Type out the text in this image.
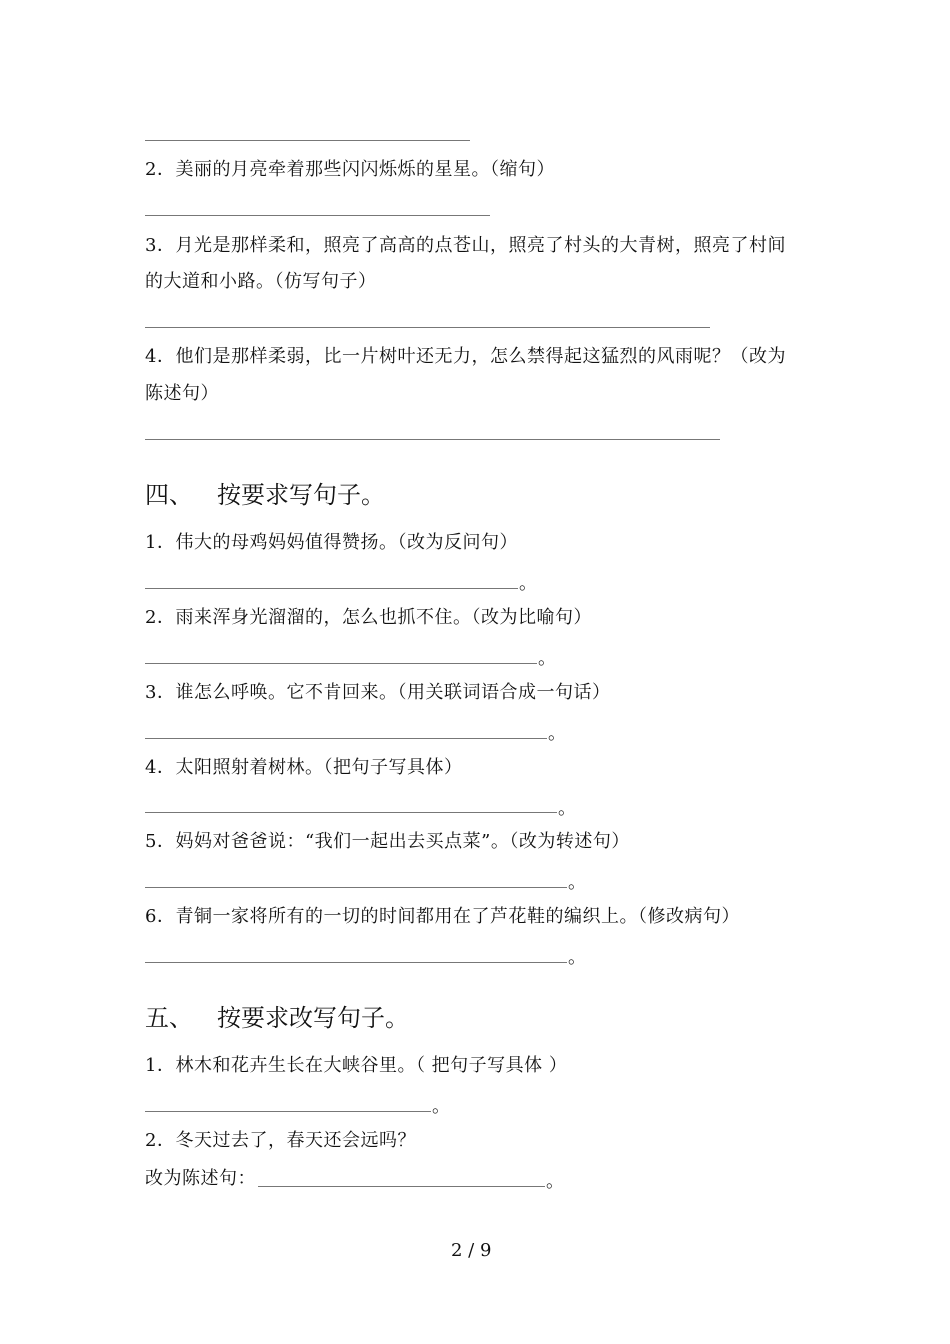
2．美丽的月亮牵着那些闪闪烁烁的星星。（缩句）
3．月光是那样柔和，照亮了高高的点苍山，照亮了村头的大青树，照亮了村间
的大道和小路。（仿写句子）
4．他们是那样柔弱，比一片树叶还无力，怎么禁得起这猛烈的风雨呢？（改为
陈述句）
四、 按要求写句子。
1．伟大的母鸡妈妈值得赞扬。（改为反问句）
。
2．雨来浑身光溜溜的，怎么也抓不住。（改为比喻句）
。
3．谁怎么呼唤。它不肯回来。（用关联词语合成一句话）
。
4．太阳照射着树林。（把句子写具体）
。
5．妈妈对爸爸说：“我们一起出去买点菜”。（改为转述句）
。
6．青铜一家将所有的一切的时间都用在了芦花鞋的编织上。（修改病句）
。
五、 按要求改写句子。
1．林木和花卉生长在大峡谷里。（ 把句子写具体 ）
。
2．冬天过去了，春天还会远吗？
改为陈述句：	。
2 / 9
